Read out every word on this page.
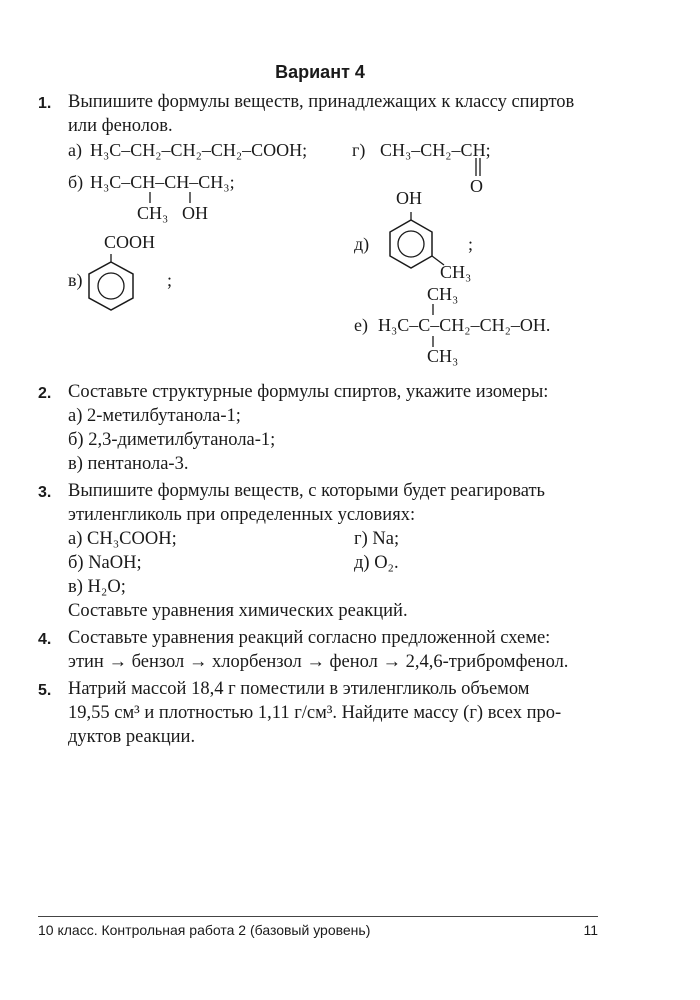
Вариант 4
1. Выпишите формулы веществ, принадлежащих к классу спиртов
или фенолов.
а) H₃C–CH₂–CH₂–CH₂–COOH; г) CH₃–CH₂–CH;
O
б) H₃C–CH–CH–CH₃;
CH₃ OH
OH
CH₃
д)	;
COOH
в)	;
CH₃
е) H₃C–C–CH₂–CH₂–OH.
CH₃
2. Составьте структурные формулы спиртов, укажите изомеры:
а) 2-метилбутанола-1;
б) 2,3-диметилбутанола-1;
в) пентанола-3.
3. Выпишите формулы веществ, с которыми будет реагировать
этиленгликоль при определенных условиях:
а) CH₃COOH;	г) Na;
б) NaOH;	д) O₂.
в) H₂O;
Составьте уравнения химических реакций.
4. Составьте уравнения реакций согласно предложенной схеме:
этин → бензол → хлорбензол → фенол → 2,4,6-трибромфенол.
5. Натрий массой 18,4 г поместили в этиленгликоль объемом
19,55 см³ и плотностью 1,11 г/см³. Найдите массу (г) всех про-
дуктов реакции.
10 класс. Контрольная работа 2 (базовый уровень)	11
